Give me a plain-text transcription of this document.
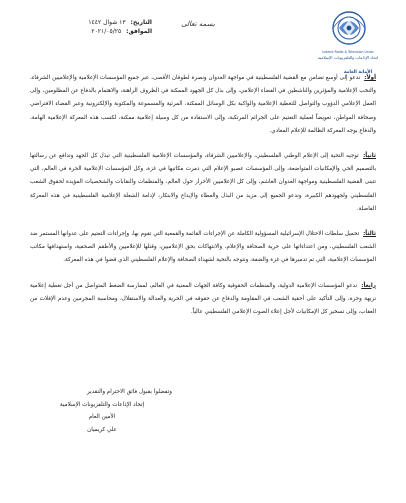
التاريخ: ١٣ شوال ١٤٤٢
الموافق: ٢٠٢١/٠٥/٢٥
بسمه تعالى
Islamic Radio & Television Union
اتحاد الإذاعات والتلفزيونات الإسلامية
الأمانة العامة

أولاً: ندعو إلى أوسع تضامن مع القضية الفلسطينية في مواجهة العدوان ونصرة لطوفان الأقصى، عبر جميع المؤسسات الإعلامية والإعلاميين الشرفاء، والنخب الإعلامية والمؤثرين والناشطين في الفضاء الإعلامي، وإلى بذل كل الجهود الممكنة في الظروف الراهنة، والاهتمام بالدفاع عن المظلومين، وإلى العمل الإعلامي الدؤوب والتواصل للتغطية الإعلامية والواكبة بكل الوسائل الممكنة، المرئية والمسموعة والمكتوبة والإلكترونية وعبر الفضاء الافتراضي وصحافة المواطن، تعويضاً لعملية التعتيم على الجرائم المرتكبة، وإلى الاستفادة من كل وسيلة إعلامية ممكنة، لكسب هذه المعركة الإعلامية الهامة، والدفاع بوجه المعركة الظالمة للإعلام المعادي.

ثانياً: توجيه التحية إلى الإعلام الوطني الفلسطيني، والإعلاميين الشرفاء، والمؤسسات الإعلامية الفلسطينية التي تبذل كل الجهد وتدافع عن رسالتها بالتصميم الحي والإمكانيات المتواضعة، وإلى المؤسسات عصبو الإعلام التي دمرت مكاتبها في غزة، وكل المؤسسات الإعلامية الحرة في العالم، التي تتبنى القضية الفلسطينية ومواجهة العدوان الغاشم، وإلى كل الإعلاميين الأحرار حول العالم، والمنظمات والنقابات والشخصيات المؤيدة لحقوق الشعب الفلسطيني ولجهودهم الكبيرة، وندعو الجميع إلى مزيد من البذل والعطاء والإبداع والابتكار، لإدامة الشعلة الإعلامية الفلسطينية في هذه المعركة الفاصلة.

ثالثاً: تحميل سلطات الاحتلال الإسرائيلية المسؤولية الكاملة عن الإجراءات القائمة والقمعية التي تقوم بها، وإجراءات التعتيم على عدوانها المستمر ضد الشعب الفلسطيني، ومن اعتداءاتها على حرية الصحافة والإعلام، والانتهاكات بحق الإعلاميين، وقتلها للإعلاميين والأطقم الصحفية، واستهدافها مكاتب المؤسسات الإعلامية، التي تم تدميرها في غزة والضفة، ونتوجه بالتحية لشهداء الصحافة والإعلام الفلسطيني الذي قضوا في هذه المعركة.

رابعاً: ندعو المؤسسات الإعلامية الدولية، والمنظمات الحقوقية وكافة الجهات المعنية في العالم، لممارسة الضغط المتواصل من أجل تغطية إعلامية نزيهة وحرة، وإلى التأكيد على أحقية الشعب في المقاومة والدفاع عن حقوقه في الحرية والعدالة والاستقلال، ومحاسبة المجرمين وعدم الإفلات من العقاب، وإلى تسخير كل الإمكانيات لأجل إعلاء الصوت الإعلامي الفلسطيني عالياً.

وتفضلوا بقبول فائق الاحترام والتقدير
إتحاد الإذاعات والتلفزيونات الإسلامية
الأمين العام
علي كريميان
